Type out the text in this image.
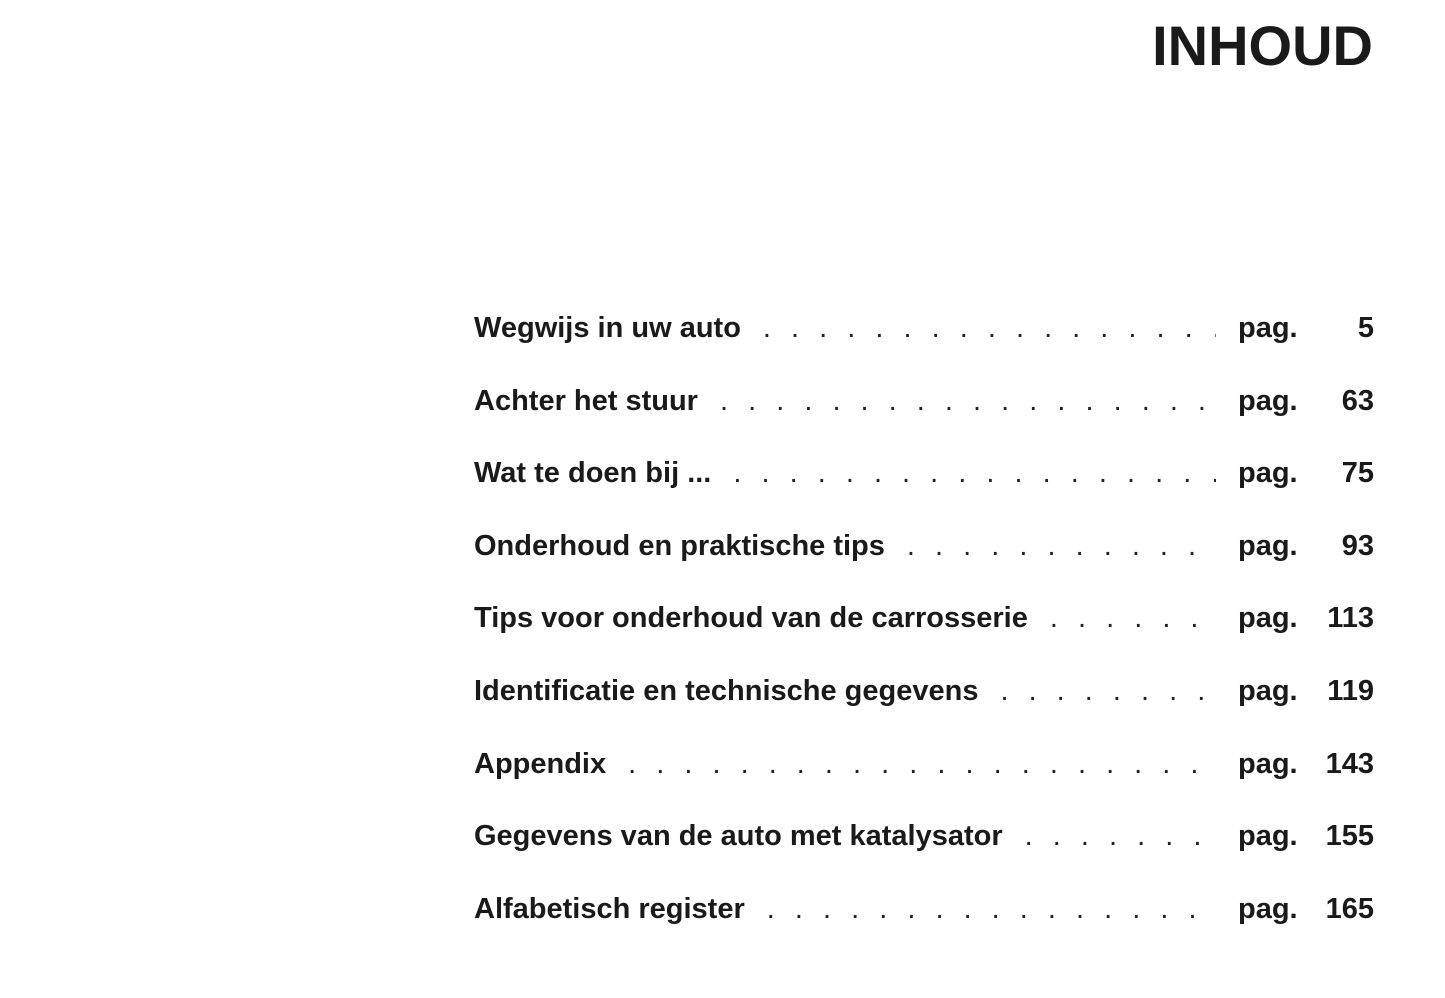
INHOUD
Wegwijs in uw auto . . .	pag.	5
Achter het stuur . . .	pag.	63
Wat te doen bij ... . . .	pag.	75
Onderhoud en praktische tips . . .	pag.	93
Tips voor onderhoud van de carrosserie . . .	pag.	113
Identificatie en technische gegevens . . .	pag.	119
Appendix . . .	pag. 143
Gegevens van de auto met katalysator . . .	pag. 155
Alfabetisch register . . .	pag. 165
